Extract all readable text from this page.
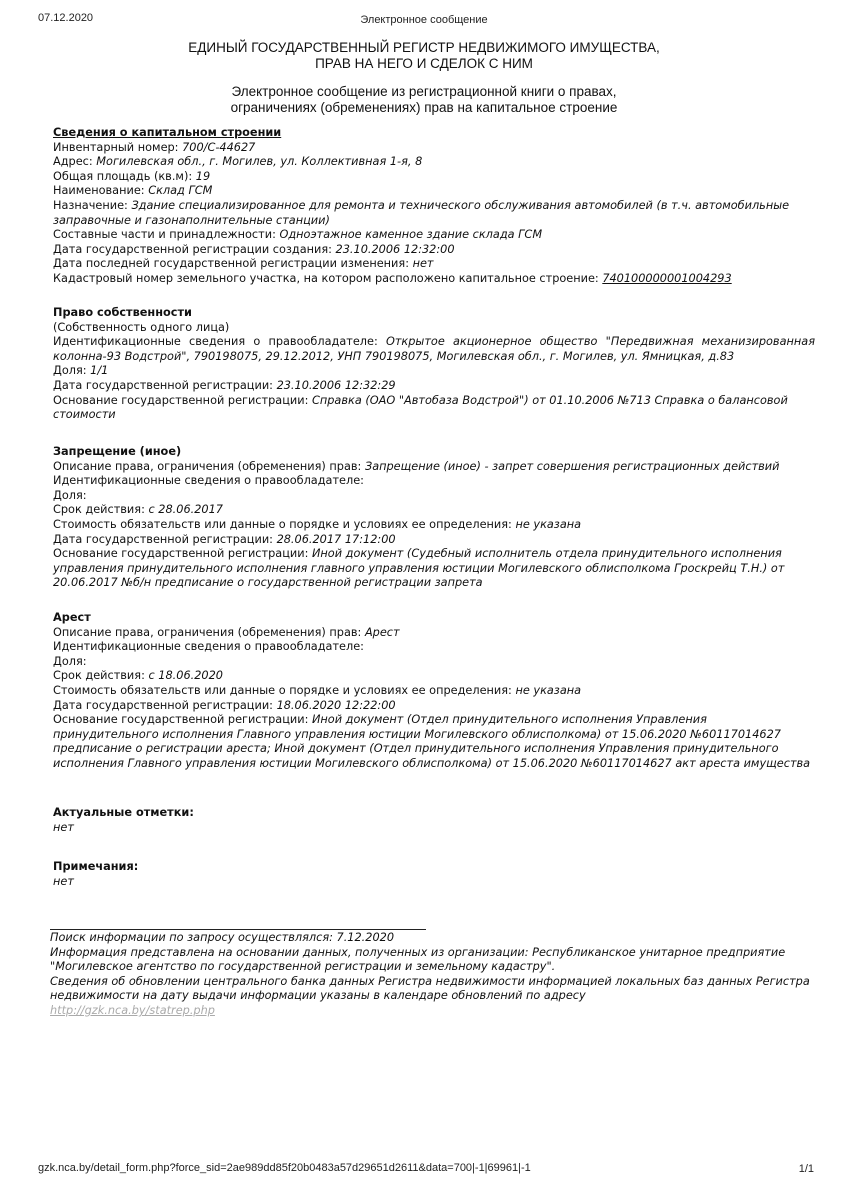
07.12.2020	Электронное сообщение
ЕДИНЫЙ ГОСУДАРСТВЕННЫЙ РЕГИСТР НЕДВИЖИМОГО ИМУЩЕСТВА,
ПРАВ НА НЕГО И СДЕЛОК С НИМ
Электронное сообщение из регистрационной книги о правах,
ограничениях (обременениях) прав на капитальное строение
Сведения о капитальном строении
Инвентарный номер: 700/С-44627
Адрес: Могилевская обл., г. Могилев, ул. Коллективная 1-я, 8
Общая площадь (кв.м): 19
Наименование: Склад ГСМ
Назначение: Здание специализированное для ремонта и технического обслуживания автомобилей (в т.ч. автомобильные заправочные и газонаполнительные станции)
Составные части и принадлежности: Одноэтажное каменное здание склада ГСМ
Дата государственной регистрации создания: 23.10.2006 12:32:00
Дата последней государственной регистрации изменения: нет
Кадастровый номер земельного участка, на котором расположено капитальное строение: 740100000001004293
Право собственности
(Собственность одного лица)
Идентификационные сведения о правообладателе: Открытое акционерное общество "Передвижная механизированная колонна-93 Водстрой", 790198075, 29.12.2012, УНП 790198075, Могилевская обл., г. Могилев, ул. Ямницкая, д.83
Доля: 1/1
Дата государственной регистрации: 23.10.2006 12:32:29
Основание государственной регистрации: Справка (ОАО "Автобаза Водстрой") от 01.10.2006 №713 Справка о балансовой стоимости
Запрещение (иное)
Описание права, ограничения (обременения) прав: Запрещение (иное) - запрет совершения регистрационных действий
Идентификационные сведения о правообладателе:
Доля:
Срок действия: с 28.06.2017
Стоимость обязательств или данные о порядке и условиях ее определения: не указана
Дата государственной регистрации: 28.06.2017 17:12:00
Основание государственной регистрации: Иной документ (Судебный исполнитель отдела принудительного исполнения управления принудительного исполнения главного управления юстиции Могилевского облисполкома Гроскрейц Т.Н.) от 20.06.2017 №б/н предписание о государственной регистрации запрета
Арест
Описание права, ограничения (обременения) прав: Арест
Идентификационные сведения о правообладателе:
Доля:
Срок действия: с 18.06.2020
Стоимость обязательств или данные о порядке и условиях ее определения: не указана
Дата государственной регистрации: 18.06.2020 12:22:00
Основание государственной регистрации: Иной документ (Отдел принудительного исполнения Управления принудительного исполнения Главного управления юстиции Могилевского облисполкома) от 15.06.2020 №60117014627 предписание о регистрации ареста; Иной документ (Отдел принудительного исполнения Управления принудительного исполнения Главного управления юстиции Могилевского облисполкома) от 15.06.2020 №60117014627 акт ареста имущества
Актуальные отметки:
нет
Примечания:
нет
Поиск информации по запросу осуществлялся: 7.12.2020
Информация представлена на основании данных, полученных из организации: Республиканское унитарное предприятие "Могилевское агентство по государственной регистрации и земельному кадастру".
Сведения об обновлении центрального банка данных Регистра недвижимости информацией локальных баз данных Регистра недвижимости на дату выдачи информации указаны в календаре обновлений по адресу
http://gzk.nca.by/statrep.php
gzk.nca.by/detail_form.php?force_sid=2ae989dd85f20b0483a57d29651d2611&data=700|-1|69961|-1	1/1
